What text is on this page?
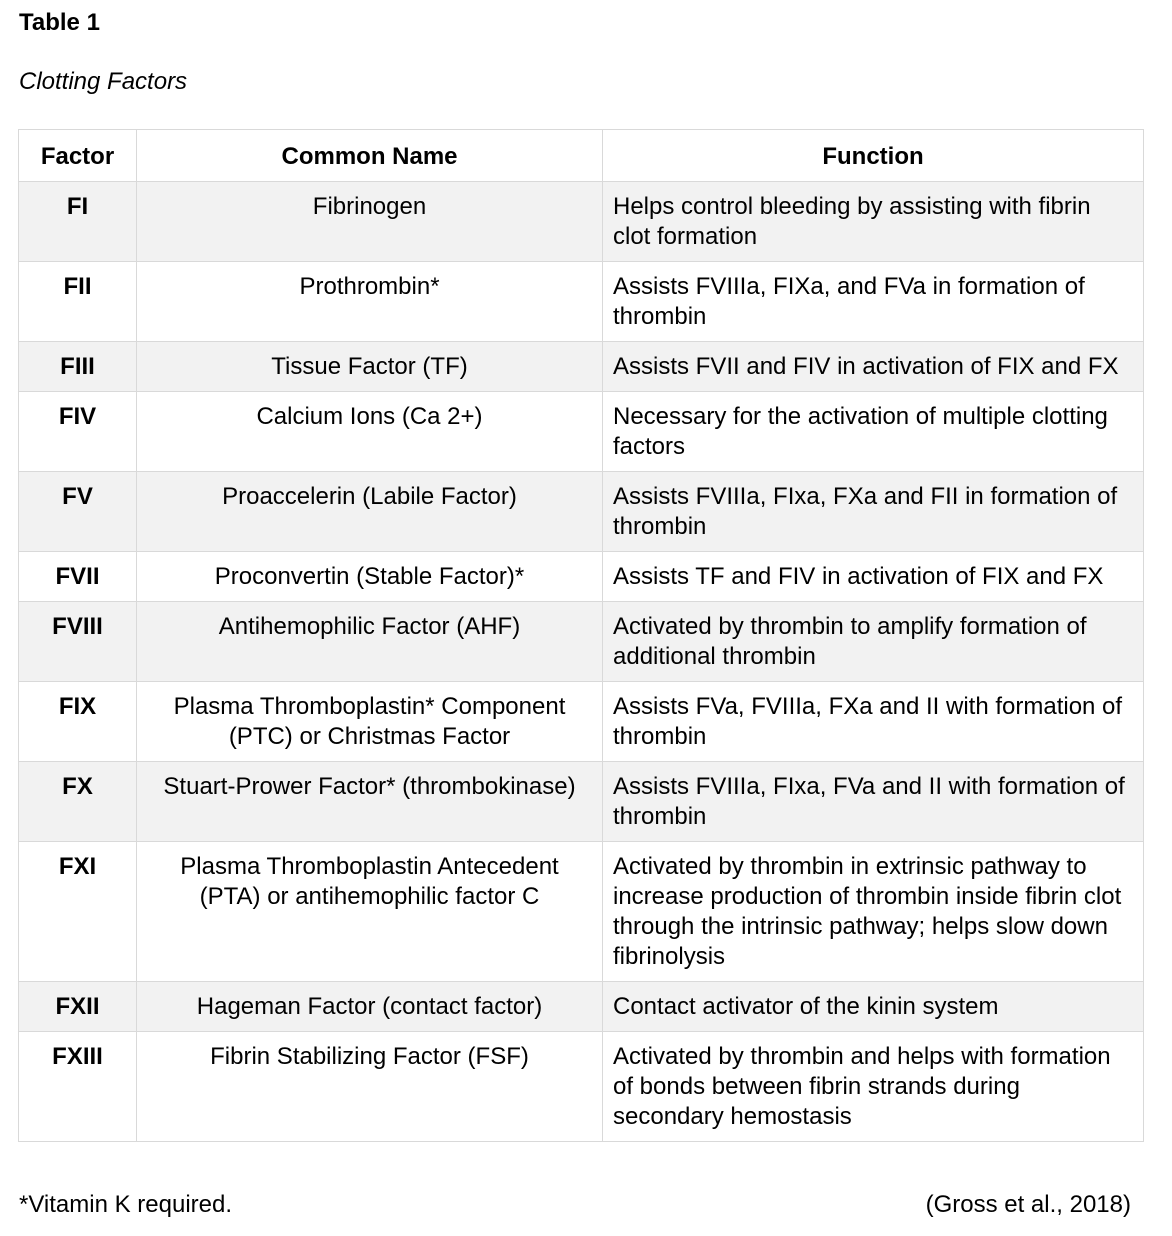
Table 1
Clotting Factors
Factor	Common Name	Function
FI	Fibrinogen	Helps control bleeding by assisting with fibrin clot formation
FII	Prothrombin*	Assists FVIIIa, FIXa, and FVa in formation of thrombin
FIII	Tissue Factor (TF)	Assists FVII and FIV in activation of FIX and FX
FIV	Calcium Ions (Ca 2+)	Necessary for the activation of multiple clotting factors
FV	Proaccelerin (Labile Factor)	Assists FVIIIa, FIxa, FXa and FII in formation of thrombin
FVII	Proconvertin (Stable Factor)*	Assists TF and FIV in activation of FIX and FX
FVIII	Antihemophilic Factor (AHF)	Activated by thrombin to amplify formation of additional thrombin
FIX	Plasma Thromboplastin* Component (PTC) or Christmas Factor	Assists FVa, FVIIIa, FXa and II with formation of thrombin
FX	Stuart-Prower Factor* (thrombokinase)	Assists FVIIIa, FIxa, FVa and II with formation of thrombin
FXI	Plasma Thromboplastin Antecedent (PTA) or antihemophilic factor C	Activated by thrombin in extrinsic pathway to increase production of thrombin inside fibrin clot through the intrinsic pathway; helps slow down fibrinolysis
FXII	Hageman Factor (contact factor)	Contact activator of the kinin system
FXIII	Fibrin Stabilizing Factor (FSF)	Activated by thrombin and helps with formation of bonds between fibrin strands during secondary hemostasis
*Vitamin K required.	(Gross et al., 2018)
